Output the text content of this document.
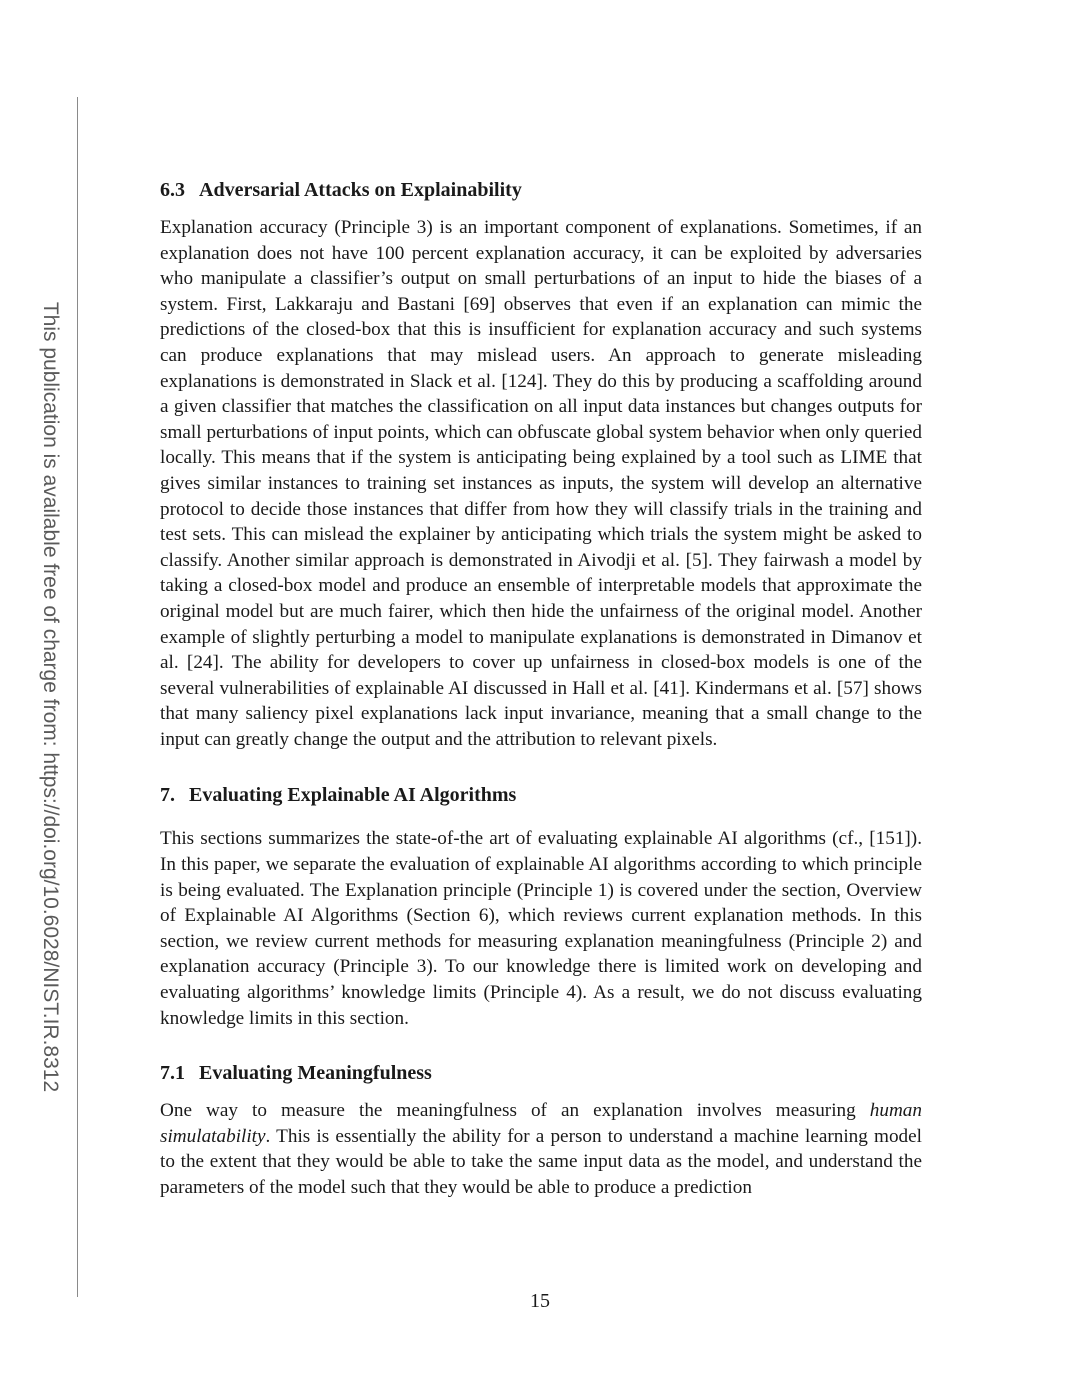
This publication is available free of charge from: https://doi.org/10.6028/NIST.IR.8312
6.3 Adversarial Attacks on Explainability

Explanation accuracy (Principle 3) is an important component of explanations. Sometimes, if an explanation does not have 100 percent explanation accuracy, it can be exploited by adversaries who manipulate a classifier’s output on small perturbations of an input to hide the biases of a system. First, Lakkaraju and Bastani [69] observes that even if an explanation can mimic the predictions of the closed-box that this is insufficient for explanation accuracy and such systems can produce explanations that may mislead users. An approach to generate misleading explanations is demonstrated in Slack et al. [124]. They do this by producing a scaffolding around a given classifier that matches the classification on all input data instances but changes outputs for small perturbations of input points, which can obfuscate global system behavior when only queried locally. This means that if the system is anticipating being explained by a tool such as LIME that gives similar instances to training set instances as inputs, the system will develop an alternative protocol to decide those instances that differ from how they will classify trials in the training and test sets. This can mislead the explainer by anticipating which trials the system might be asked to classify. Another similar approach is demonstrated in Aivodji et al. [5]. They fairwash a model by taking a closed-box model and produce an ensemble of interpretable models that approximate the original model but are much fairer, which then hide the unfairness of the original model. Another example of slightly perturbing a model to manipulate explanations is demonstrated in Dimanov et al. [24]. The ability for developers to cover up unfairness in closed-box models is one of the several vulnerabilities of explainable AI discussed in Hall et al. [41]. Kindermans et al. [57] shows that many saliency pixel explanations lack input invariance, meaning that a small change to the input can greatly change the output and the attribution to relevant pixels.

7. Evaluating Explainable AI Algorithms

This sections summarizes the state-of-the art of evaluating explainable AI algorithms (cf., [151]). In this paper, we separate the evaluation of explainable AI algorithms according to which principle is being evaluated. The Explanation principle (Principle 1) is covered under the section, Overview of Explainable AI Algorithms (Section 6), which reviews current explanation methods. In this section, we review current methods for measuring explanation meaningfulness (Principle 2) and explanation accuracy (Principle 3). To our knowledge there is limited work on developing and evaluating algorithms’ knowledge limits (Principle 4). As a result, we do not discuss evaluating knowledge limits in this section.

7.1 Evaluating Meaningfulness

One way to measure the meaningfulness of an explanation involves measuring human simulatability. This is essentially the ability for a person to understand a machine learning model to the extent that they would be able to take the same input data as the model, and understand the parameters of the model such that they would be able to produce a prediction

15
